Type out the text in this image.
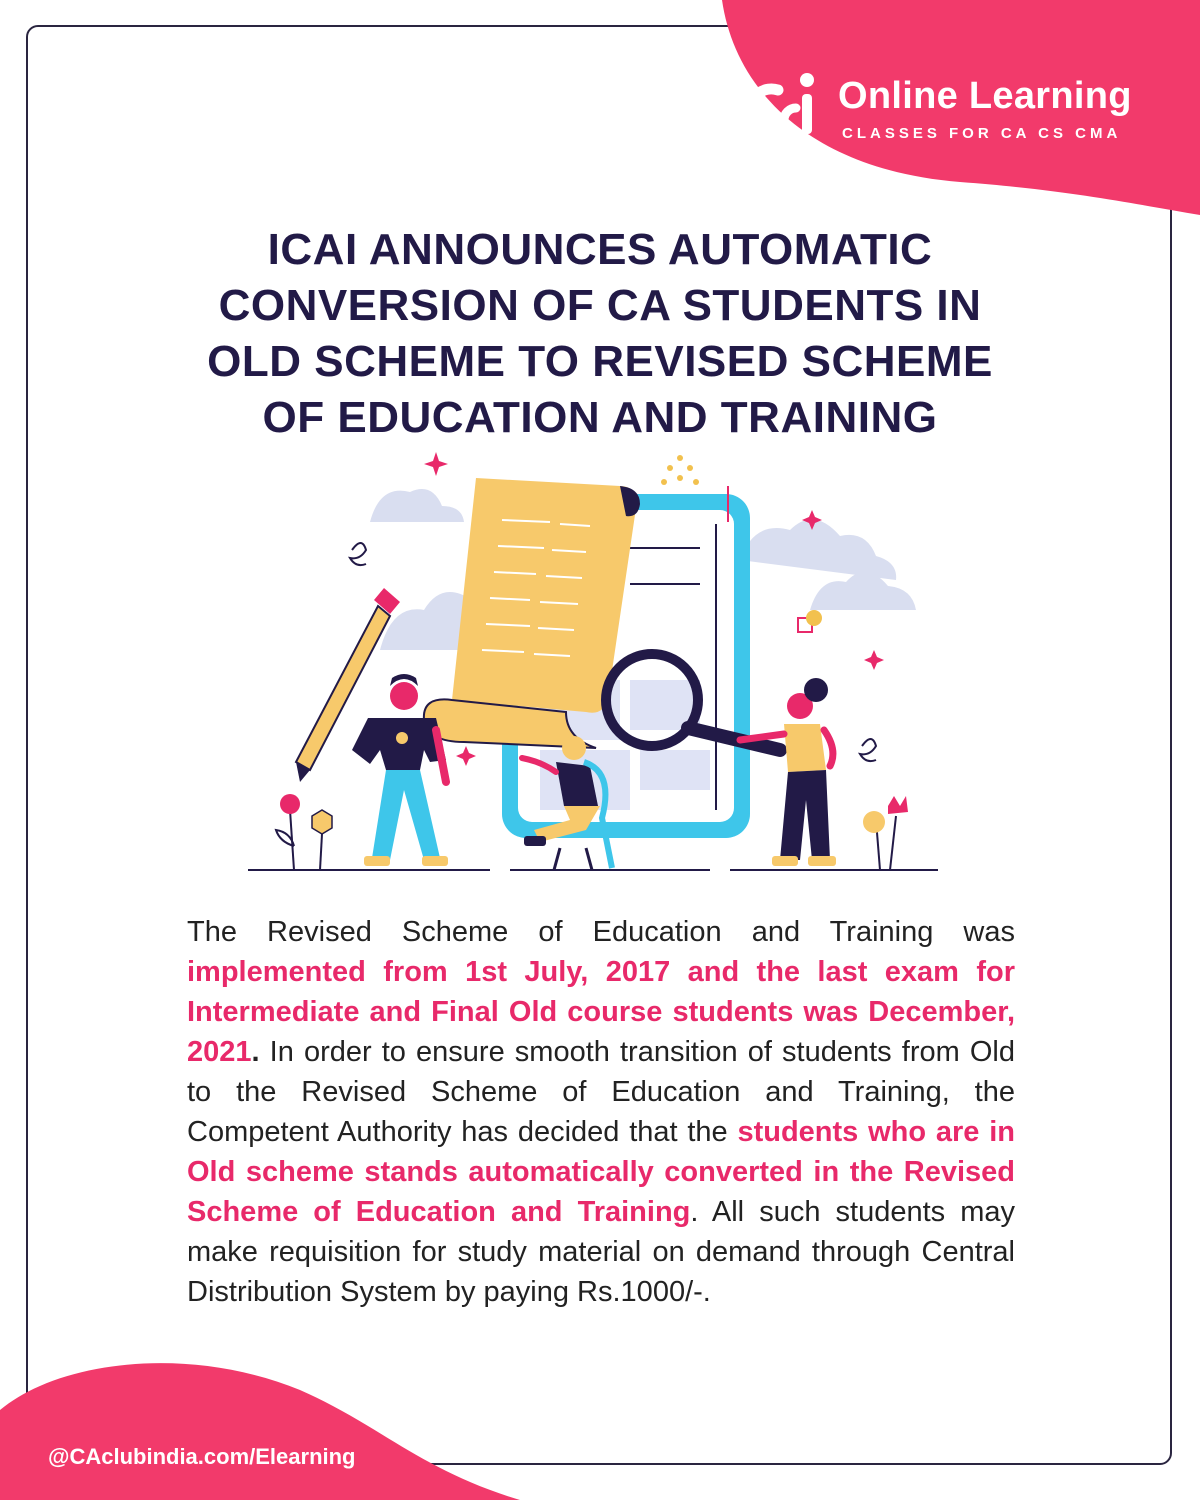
Online Learning
CLASSES FOR CA CS CMA
ICAI ANNOUNCES AUTOMATIC
CONVERSION OF CA STUDENTS IN
OLD SCHEME TO REVISED SCHEME
OF EDUCATION AND TRAINING

The Revised Scheme of Education and Training was implemented from 1st July, 2017 and the last exam for Intermediate and Final Old course students was December, 2021. In order to ensure smooth transition of students from Old to the Revised Scheme of Education and Training, the Competent Authority has decided that the students who are in Old scheme stands automatically converted in the Revised Scheme of Education and Training. All such students may make requisition for study material on demand through Central Distribution System by paying Rs.1000/-.

@CAclubindia.com/Elearning
